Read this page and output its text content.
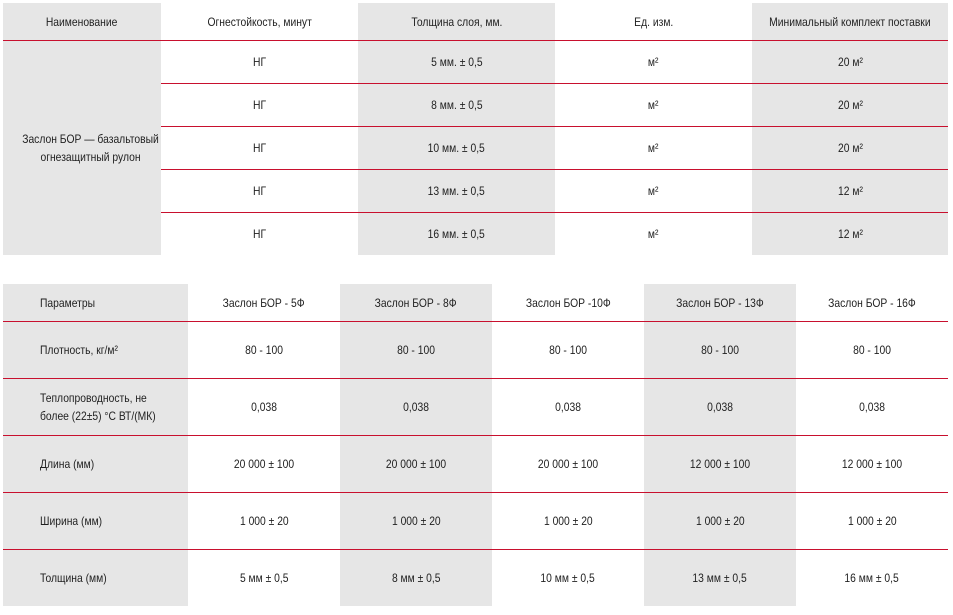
Наименование	Огнестойкость, минут	Толщина слоя, мм.	Ед. изм.	Минимальный комплект поставки
Заслон БОР — базальтовый огнезащитный рулон	НГ	5 мм. ± 0,5	м²	20 м²
	НГ	8 мм. ± 0,5	м²	20 м²
	НГ	10 мм. ± 0,5	м²	20 м²
	НГ	13 мм. ± 0,5	м²	12 м²
	НГ	16 мм. ± 0,5	м²	12 м²
Параметры	Заслон БОР - 5Ф	Заслон БОР - 8Ф	Заслон БОР -10Ф	Заслон БОР - 13Ф	Заслон БОР - 16Ф
Плотность, кг/м²	80 - 100	80 - 100	80 - 100	80 - 100	80 - 100
Теплопроводность, не более (22±5) °С ВТ/(МК)	0,038	0,038	0,038	0,038	0,038
Длина (мм)	20 000 ± 100	20 000 ± 100	20 000 ± 100	12 000 ± 100	12 000 ± 100
Ширина (мм)	1 000 ± 20	1 000 ± 20	1 000 ± 20	1 000 ± 20	1 000 ± 20
Толщина (мм)	5 мм ± 0,5	8 мм ± 0,5	10 мм ± 0,5	13 мм ± 0,5	16 мм ± 0,5
